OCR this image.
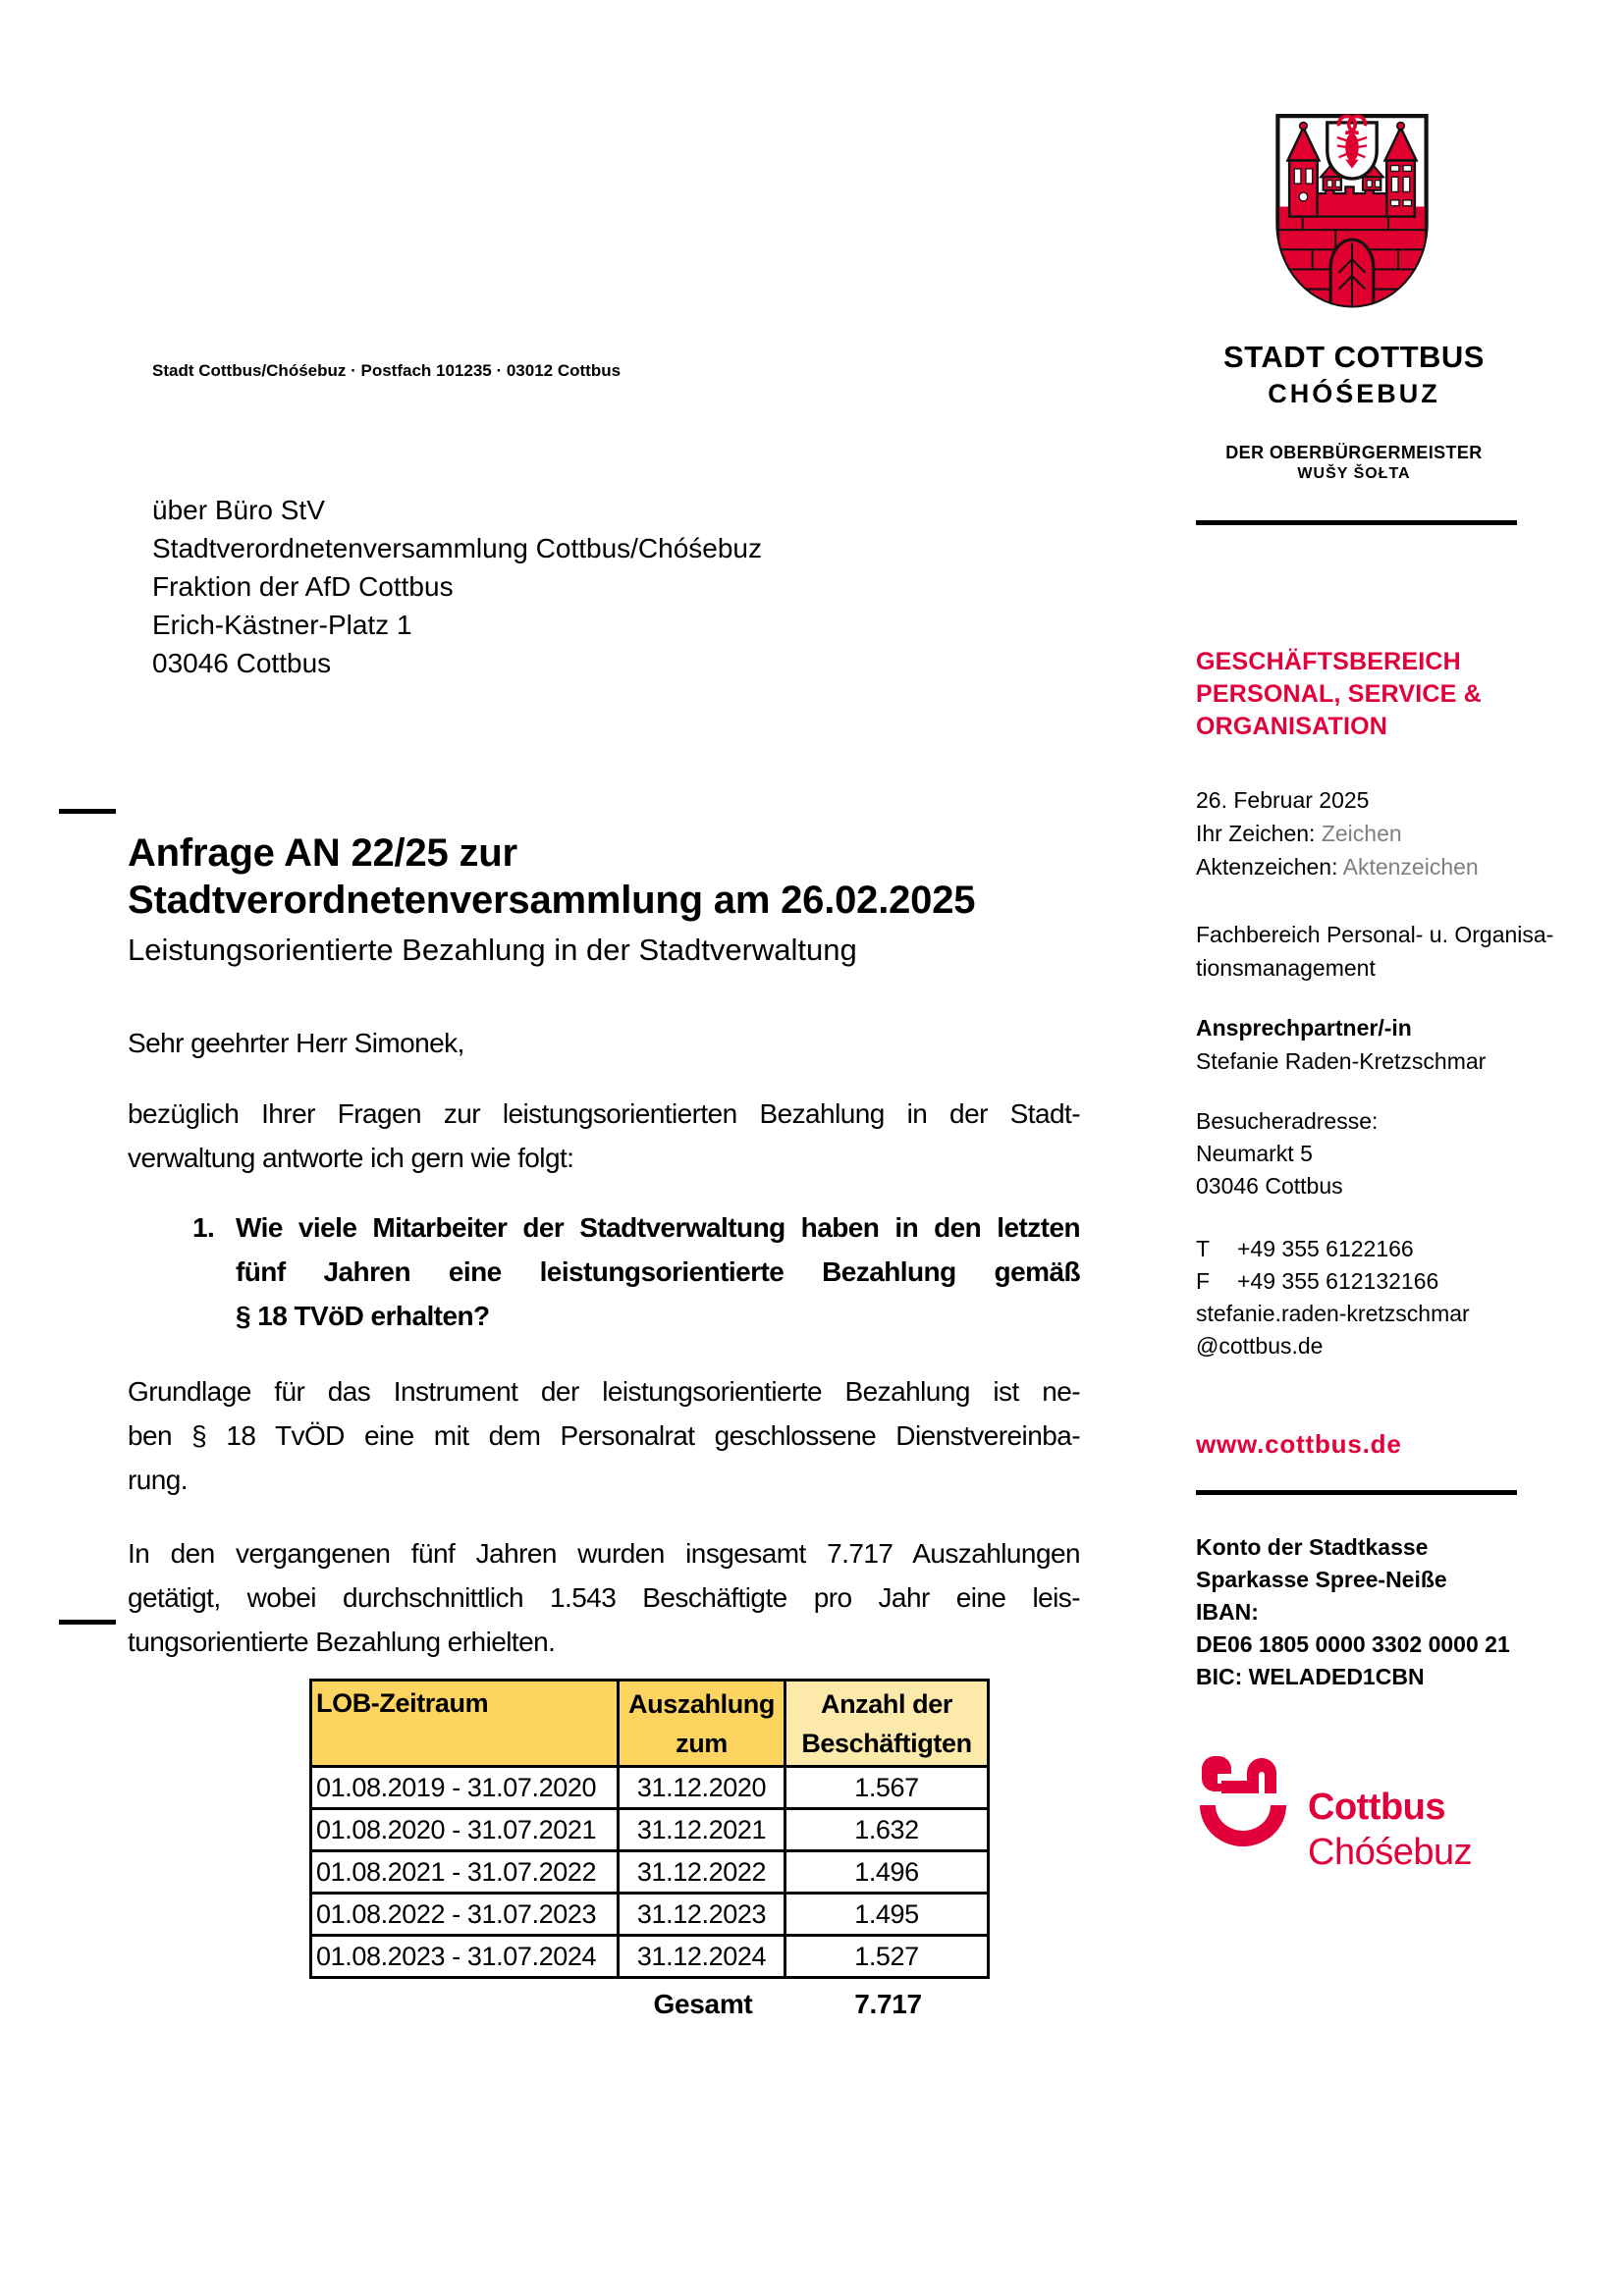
Stadt Cottbus/Chóśebuz · Postfach 101235 · 03012 Cottbus
über Büro StV
Stadtverordnetenversammlung Cottbus/Chóśebuz
Fraktion der AfD Cottbus
Erich-Kästner-Platz 1
03046 Cottbus
Anfrage AN 22/25 zur
Stadtverordnetenversammlung am 26.02.2025
Leistungsorientierte Bezahlung in der Stadtverwaltung
Sehr geehrter Herr Simonek,
bezüglich Ihrer Fragen zur leistungsorientierten Bezahlung in der Stadt-
verwaltung antworte ich gern wie folgt:
1. Wie viele Mitarbeiter der Stadtverwaltung haben in den letzten
fünf Jahren eine leistungsorientierte Bezahlung gemäß
§ 18 TVöD erhalten?
Grundlage für das Instrument der leistungsorientierte Bezahlung ist ne-
ben § 18 TvÖD eine mit dem Personalrat geschlossene Dienstvereinba-
rung.
In den vergangenen fünf Jahren wurden insgesamt 7.717 Auszahlungen
getätigt, wobei durchschnittlich 1.543 Beschäftigte pro Jahr eine leis-
tungsorientierte Bezahlung erhielten.
LOB-Zeitraum	Auszahlung zum	Anzahl der Beschäftigten
01.08.2019 - 31.07.2020	31.12.2020	1.567
01.08.2020 - 31.07.2021	31.12.2021	1.632
01.08.2021 - 31.07.2022	31.12.2022	1.496
01.08.2022 - 31.07.2023	31.12.2023	1.495
01.08.2023 - 31.07.2024	31.12.2024	1.527
Gesamt	7.717
STADT COTTBUS
CHÓŚEBUZ
DER OBERBÜRGERMEISTER
WUŠY ŠOŁTA
GESCHÄFTSBEREICH
PERSONAL, SERVICE &
ORGANISATION
26. Februar 2025
Ihr Zeichen: Zeichen
Aktenzeichen: Aktenzeichen
Fachbereich Personal- u. Organisa-
tionsmanagement
Ansprechpartner/-in
Stefanie Raden-Kretzschmar
Besucheradresse:
Neumarkt 5
03046 Cottbus
T +49 355 6122166
F +49 355 612132166
stefanie.raden-kretzschmar
@cottbus.de
www.cottbus.de
Konto der Stadtkasse
Sparkasse Spree-Neiße
IBAN:
DE06 1805 0000 3302 0000 21
BIC: WELADED1CBN
Cottbus
Chóśebuz
